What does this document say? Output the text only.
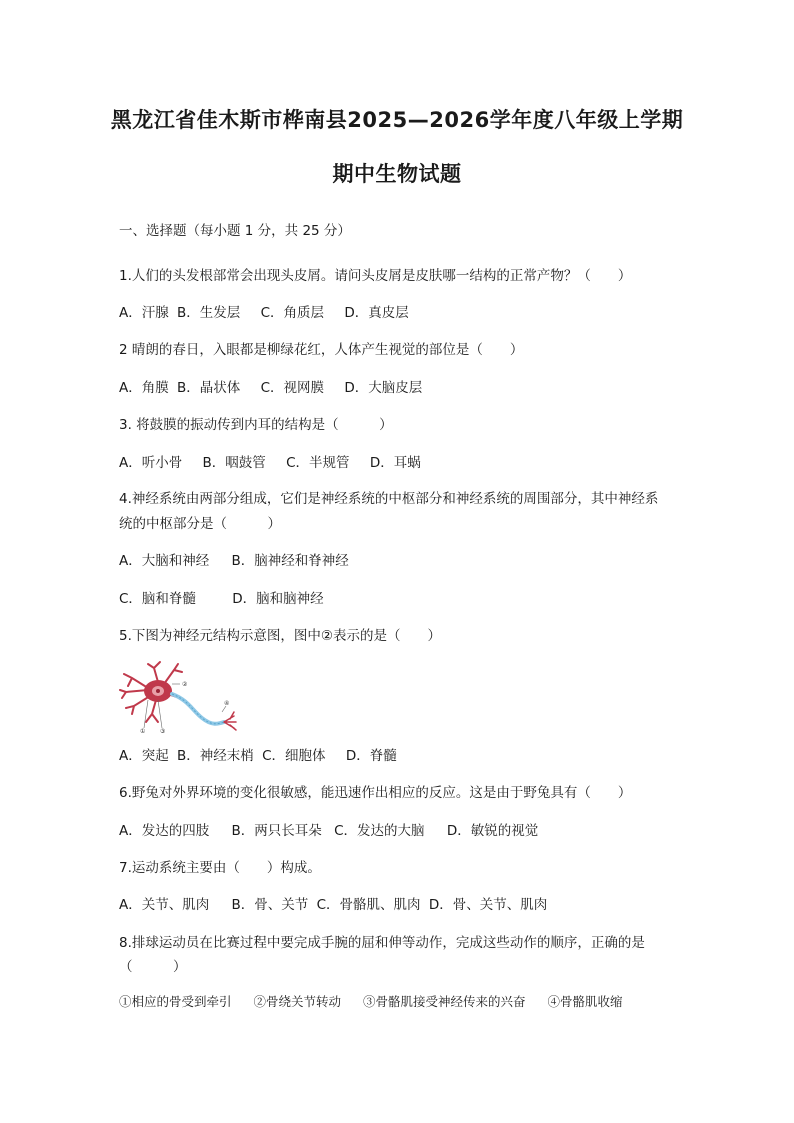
黑龙江省佳木斯市桦南县2025—2026学年度八年级上学期
期中生物试题
一、选择题（每小题 1 分，共 25 分）
1.人们的头发根部常会出现头皮屑。请问头皮屑是皮肤哪一结构的正常产物？（　　）
A．汗腺 B．生发层 C．角质层 D．真皮层
2 晴朗的春日，入眼都是柳绿花红，人体产生视觉的部位是（　　）
A．角膜 B．晶状体 C．视网膜 D．大脑皮层
3. 将鼓膜的振动传到内耳的结构是（　　　）
A．听小骨 B．咽鼓管 C．半规管 D．耳蜗
4.神经系统由两部分组成，它们是神经系统的中枢部分和神经系统的周围部分，其中神经系
统的中枢部分是（　　　）
A．大脑和神经 B．脑神经和脊神经
C．脑和脊髓	D．脑和脑神经
5.下图为神经元结构示意图，图中②表示的是（　　）
②
① ③
④
A．突起 B．神经末梢 C．细胞体 D．脊髓
6.野兔对外界环境的变化很敏感，能迅速作出相应的反应。这是由于野兔具有（　　）
A．发达的四肢 B．两只长耳朵 C．发达的大脑 D．敏锐的视觉
7.运动系统主要由（　　）构成。
A．关节、肌肉 B．骨、关节 C．骨骼肌、肌肉 D．骨、关节、肌肉
8.排球运动员在比赛过程中要完成手腕的屈和伸等动作，完成这些动作的顺序，正确的是
（　　　）
①相应的骨受到牵引 ②骨绕关节转动 ③骨骼肌接受神经传来的兴奋 ④骨骼肌收缩
